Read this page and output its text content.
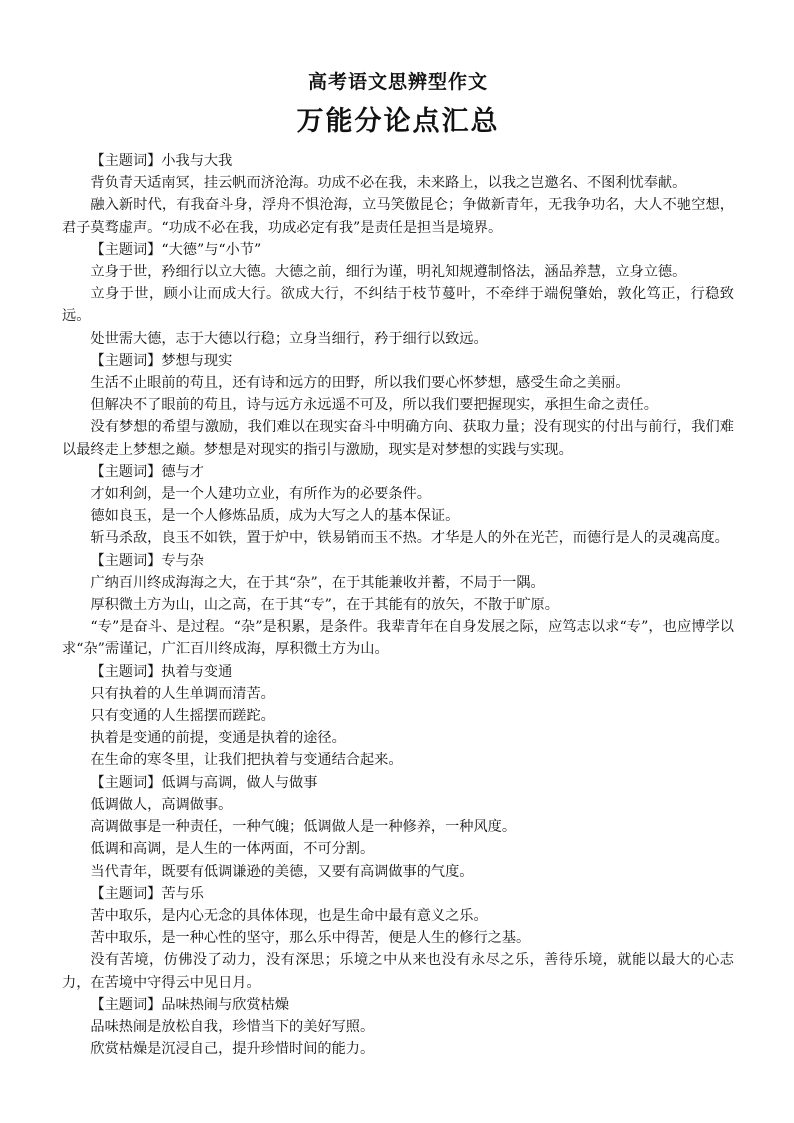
高考语文思辨型作文
万能分论点汇总

【主题词】小我与大我

背负青天适南冥，挂云帆而济沧海。功成不必在我，未来路上，以我之岂邀名、不图利忧奉献。

融入新时代，有我奋斗身，浮舟不惧沧海，立马笑傲昆仑；争做新青年，无我争功名，大人不驰空想，君子莫骛虚声。“功成不必在我，功成必定有我”是责任是担当是境界。

【主题词】“大德”与“小节”

立身于世，矜细行以立大德。大德之前，细行为谨，明礼知规遵制恪法，涵品养慧，立身立德。

立身于世，顾小让而成大行。欲成大行，不纠结于枝节蔓叶，不牵绊于端倪肇始，敦化笃正，行稳致远。

处世需大德，志于大德以行稳；立身当细行，矜于细行以致远。

【主题词】梦想与现实

生活不止眼前的苟且，还有诗和远方的田野，所以我们要心怀梦想，感受生命之美丽。

但解决不了眼前的苟且，诗与远方永远遥不可及，所以我们要把握现实，承担生命之责任。

没有梦想的希望与激励，我们难以在现实奋斗中明确方向、获取力量；没有现实的付出与前行，我们难以最终走上梦想之巅。梦想是对现实的指引与激励，现实是对梦想的实践与实现。

【主题词】德与才

才如利剑，是一个人建功立业，有所作为的必要条件。

德如良玉，是一个人修炼品质，成为大写之人的基本保证。

斩马杀敌，良玉不如铁，置于炉中，铁易销而玉不热。才华是人的外在光芒，而德行是人的灵魂高度。

【主题词】专与杂

广纳百川终成海海之大，在于其“杂”，在于其能兼收并蓄，不局于一隅。

厚积微土方为山，山之高，在于其“专”，在于其能有的放矢，不散于旷原。

“专”是奋斗、是过程。“杂”是积累，是条件。我辈青年在自身发展之际，应笃志以求“专”，也应博学以求“杂”需谨记，广汇百川终成海，厚积微土方为山。

【主题词】执着与变通

只有执着的人生单调而清苦。

只有变通的人生摇摆而蹉跎。

执着是变通的前提，变通是执着的途径。

在生命的寒冬里，让我们把执着与变通结合起来。

【主题词】低调与高调，做人与做事

低调做人，高调做事。

高调做事是一种责任，一种气魄；低调做人是一种修养，一种风度。

低调和高调，是人生的一体两面，不可分割。

当代青年，既要有低调谦逊的美德，又要有高调做事的气度。

【主题词】苦与乐

苦中取乐，是内心无念的具体体现，也是生命中最有意义之乐。

苦中取乐，是一种心性的坚守，那么乐中得苦，便是人生的修行之基。

没有苦境，仿佛没了动力，没有深思；乐境之中从来也没有永尽之乐，善待乐境，就能以最大的心志力，在苦境中守得云中见日月。

【主题词】品味热闹与欣赏枯燥

品味热闹是放松自我，珍惜当下的美好写照。

欣赏枯燥是沉浸自己，提升珍惜时间的能力。
